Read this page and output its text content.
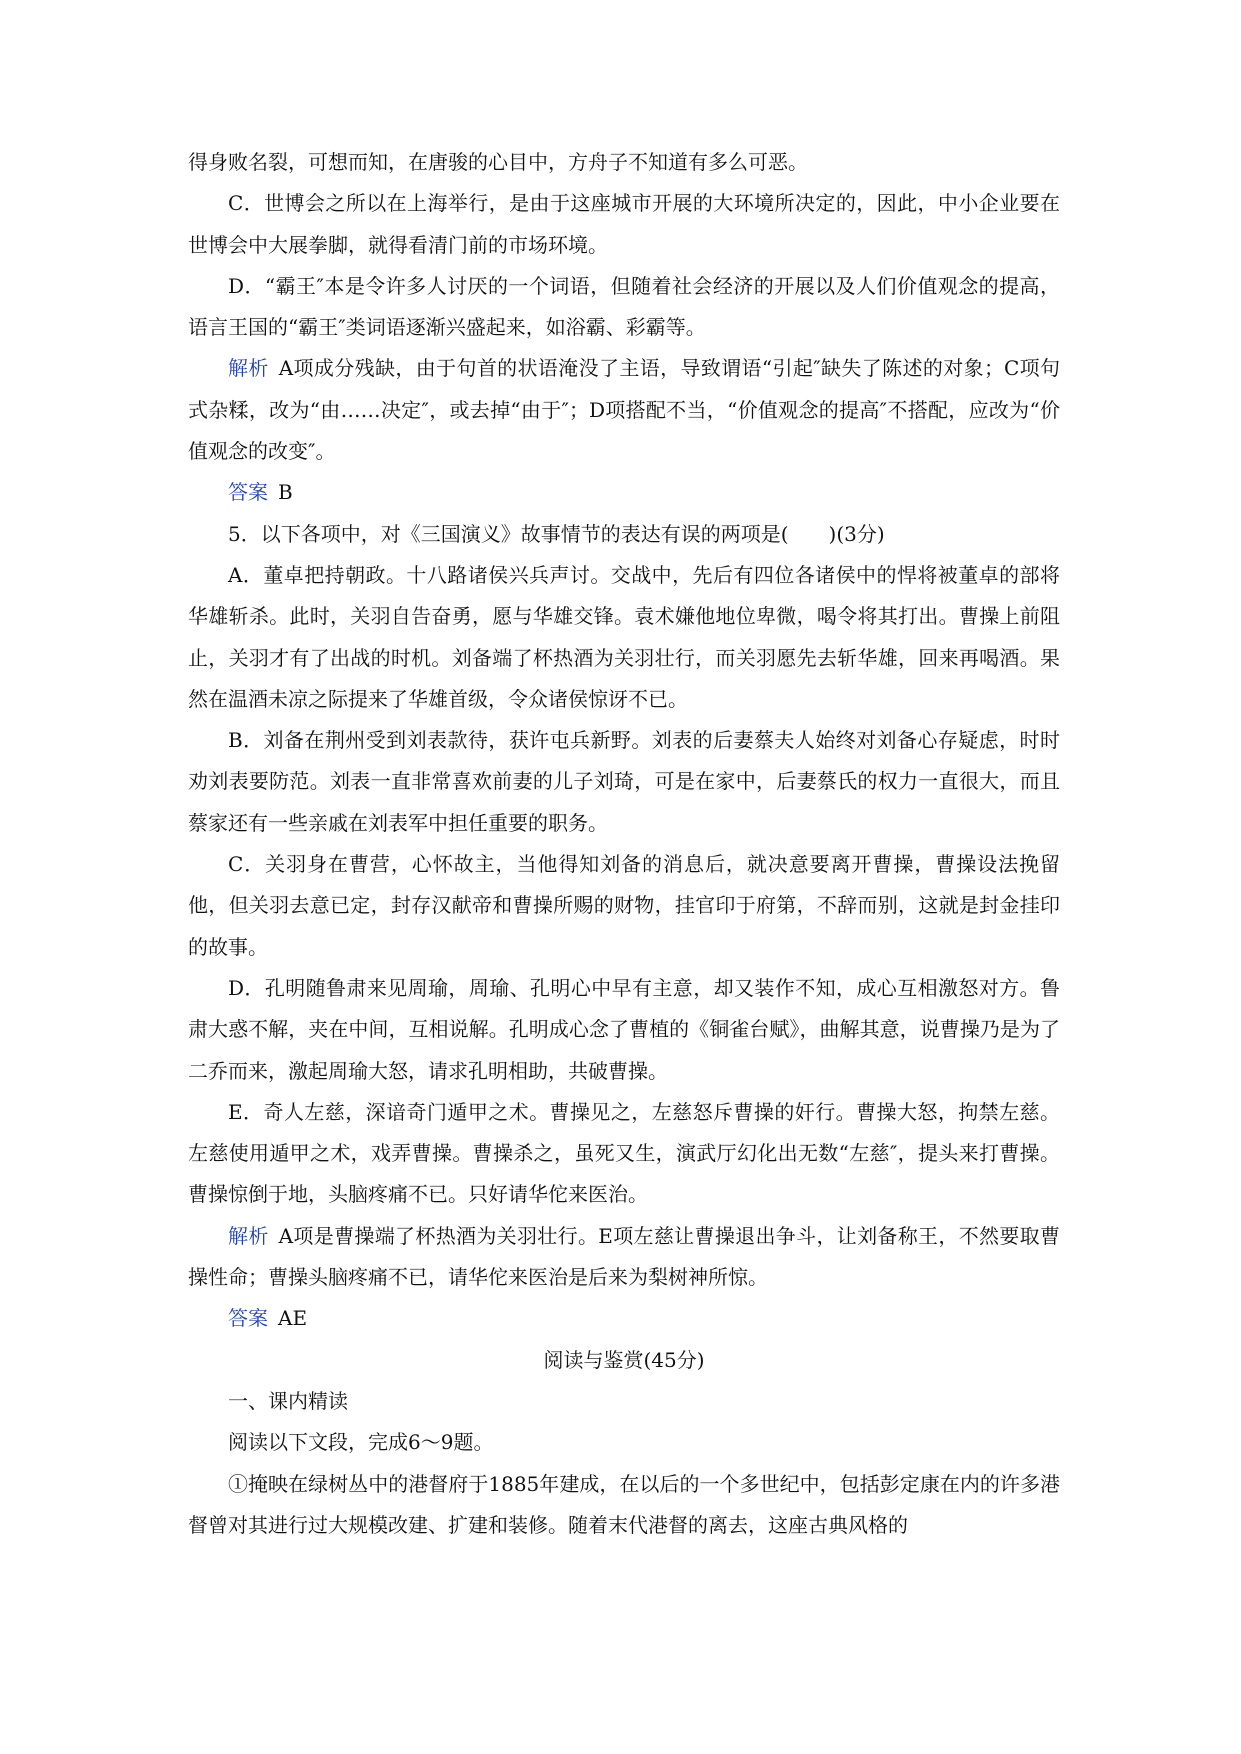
得身败名裂，可想而知，在唐骏的心目中，方舟子不知道有多么可恶。

C．世博会之所以在上海举行，是由于这座城市开展的大环境所决定的，因此，中小企业要在世博会中大展拳脚，就得看清门前的市场环境。

D．“霸王″本是令许多人讨厌的一个词语，但随着社会经济的开展以及人们价值观念的提高，语言王国的“霸王″类词语逐渐兴盛起来，如浴霸、彩霸等。

解析 A项成分残缺，由于句首的状语淹没了主语，导致谓语“引起″缺失了陈述的对象；C项句式杂糅，改为“由……决定″，或去掉“由于″；D项搭配不当，“价值观念的提高″不搭配，应改为“价值观念的改变″。

答案 B

5．以下各项中，对《三国演义》故事情节的表达有误的两项是(　　)(3分)

A．董卓把持朝政。十八路诸侯兴兵声讨。交战中，先后有四位各诸侯中的悍将被董卓的部将华雄斩杀。此时，关羽自告奋勇，愿与华雄交锋。袁术嫌他地位卑微，喝令将其打出。曹操上前阻止，关羽才有了出战的时机。刘备端了杯热酒为关羽壮行，而关羽愿先去斩华雄，回来再喝酒。果然在温酒未凉之际提来了华雄首级，令众诸侯惊讶不已。

B．刘备在荆州受到刘表款待，获许屯兵新野。刘表的后妻蔡夫人始终对刘备心存疑虑，时时劝刘表要防范。刘表一直非常喜欢前妻的儿子刘琦，可是在家中，后妻蔡氏的权力一直很大，而且蔡家还有一些亲戚在刘表军中担任重要的职务。

C．关羽身在曹营，心怀故主，当他得知刘备的消息后，就决意要离开曹操，曹操设法挽留他，但关羽去意已定，封存汉献帝和曹操所赐的财物，挂官印于府第，不辞而别，这就是封金挂印的故事。

D．孔明随鲁肃来见周瑜，周瑜、孔明心中早有主意，却又装作不知，成心互相激怒对方。鲁肃大惑不解，夹在中间，互相说解。孔明成心念了曹植的《铜雀台赋》，曲解其意，说曹操乃是为了二乔而来，激起周瑜大怒，请求孔明相助，共破曹操。

E．奇人左慈，深谙奇门遁甲之术。曹操见之，左慈怒斥曹操的奸行。曹操大怒，拘禁左慈。左慈使用遁甲之术，戏弄曹操。曹操杀之，虽死又生，演武厅幻化出无数“左慈″，提头来打曹操。曹操惊倒于地，头脑疼痛不已。只好请华佗来医治。

解析 A项是曹操端了杯热酒为关羽壮行。E项左慈让曹操退出争斗，让刘备称王，不然要取曹操性命；曹操头脑疼痛不已，请华佗来医治是后来为梨树神所惊。

答案 AE

阅读与鉴赏(45分)

一、课内精读

阅读以下文段，完成6～9题。

①掩映在绿树丛中的港督府于1885年建成，在以后的一个多世纪中，包括彭定康在内的许多港督曾对其进行过大规模改建、扩建和装修。随着末代港督的离去，这座古典风格的
